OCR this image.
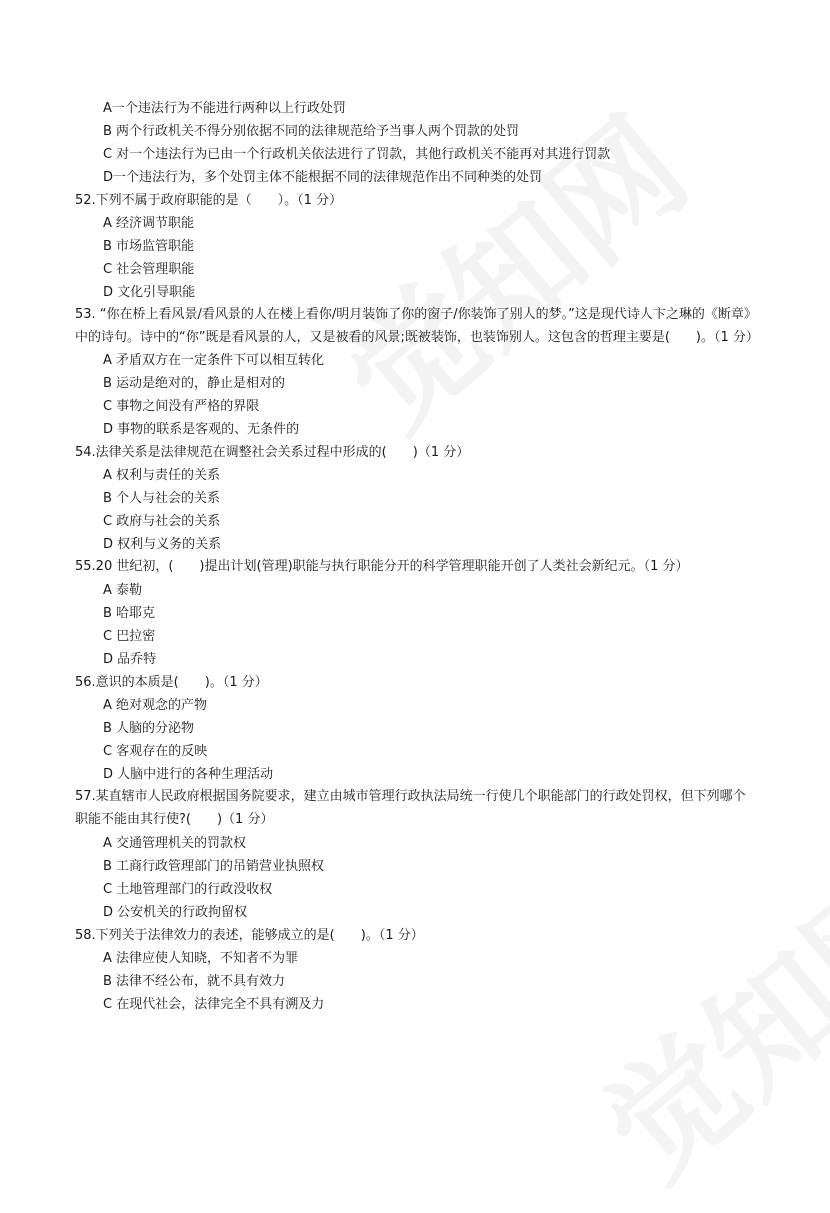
A一个违法行为不能进行两种以上行政处罚
B 两个行政机关不得分别依据不同的法律规范给予当事人两个罚款的处罚
C 对一个违法行为已由一个行政机关依法进行了罚款，其他行政机关不能再对其进行罚款
D一个违法行为，多个处罚主体不能根据不同的法律规范作出不同种类的处罚
52.下列不属于政府职能的是（　　）。（1 分）
A 经济调节职能
B 市场监管职能
C 社会管理职能
D 文化引导职能
53. “你在桥上看风景/看风景的人在楼上看你/明月装饰了你的窗子/你装饰了别人的梦。”这是现代诗人卞之琳的《断章》中的诗句。诗中的“你”既是看风景的人，又是被看的风景;既被装饰，也装饰别人。这包含的哲理主要是(　　)。（1 分）
A 矛盾双方在一定条件下可以相互转化
B 运动是绝对的，静止是相对的
C 事物之间没有严格的界限
D 事物的联系是客观的、无条件的
54.法律关系是法律规范在调整社会关系过程中形成的(　　)（1 分）
A 权利与责任的关系
B 个人与社会的关系
C 政府与社会的关系
D 权利与义务的关系
55.20 世纪初，(　　)提出计划(管理)职能与执行职能分开的科学管理职能开创了人类社会新纪元。（1 分）
A 泰勒
B 哈耶克
C 巴拉密
D 品乔特
56.意识的本质是(　　)。（1 分）
A 绝对观念的产物
B 人脑的分泌物
C 客观存在的反映
D 人脑中进行的各种生理活动
57.某直辖市人民政府根据国务院要求，建立由城市管理行政执法局统一行使几个职能部门的行政处罚权，但下列哪个职能不能由其行使?(　　)（1 分）
A 交通管理机关的罚款权
B 工商行政管理部门的吊销营业执照权
C 土地管理部门的行政没收权
D 公安机关的行政拘留权
58.下列关于法律效力的表述，能够成立的是(　　)。（1 分）
A 法律应使人知晓，不知者不为罪
B 法律不经公布，就不具有效力
C 在现代社会，法律完全不具有溯及力
